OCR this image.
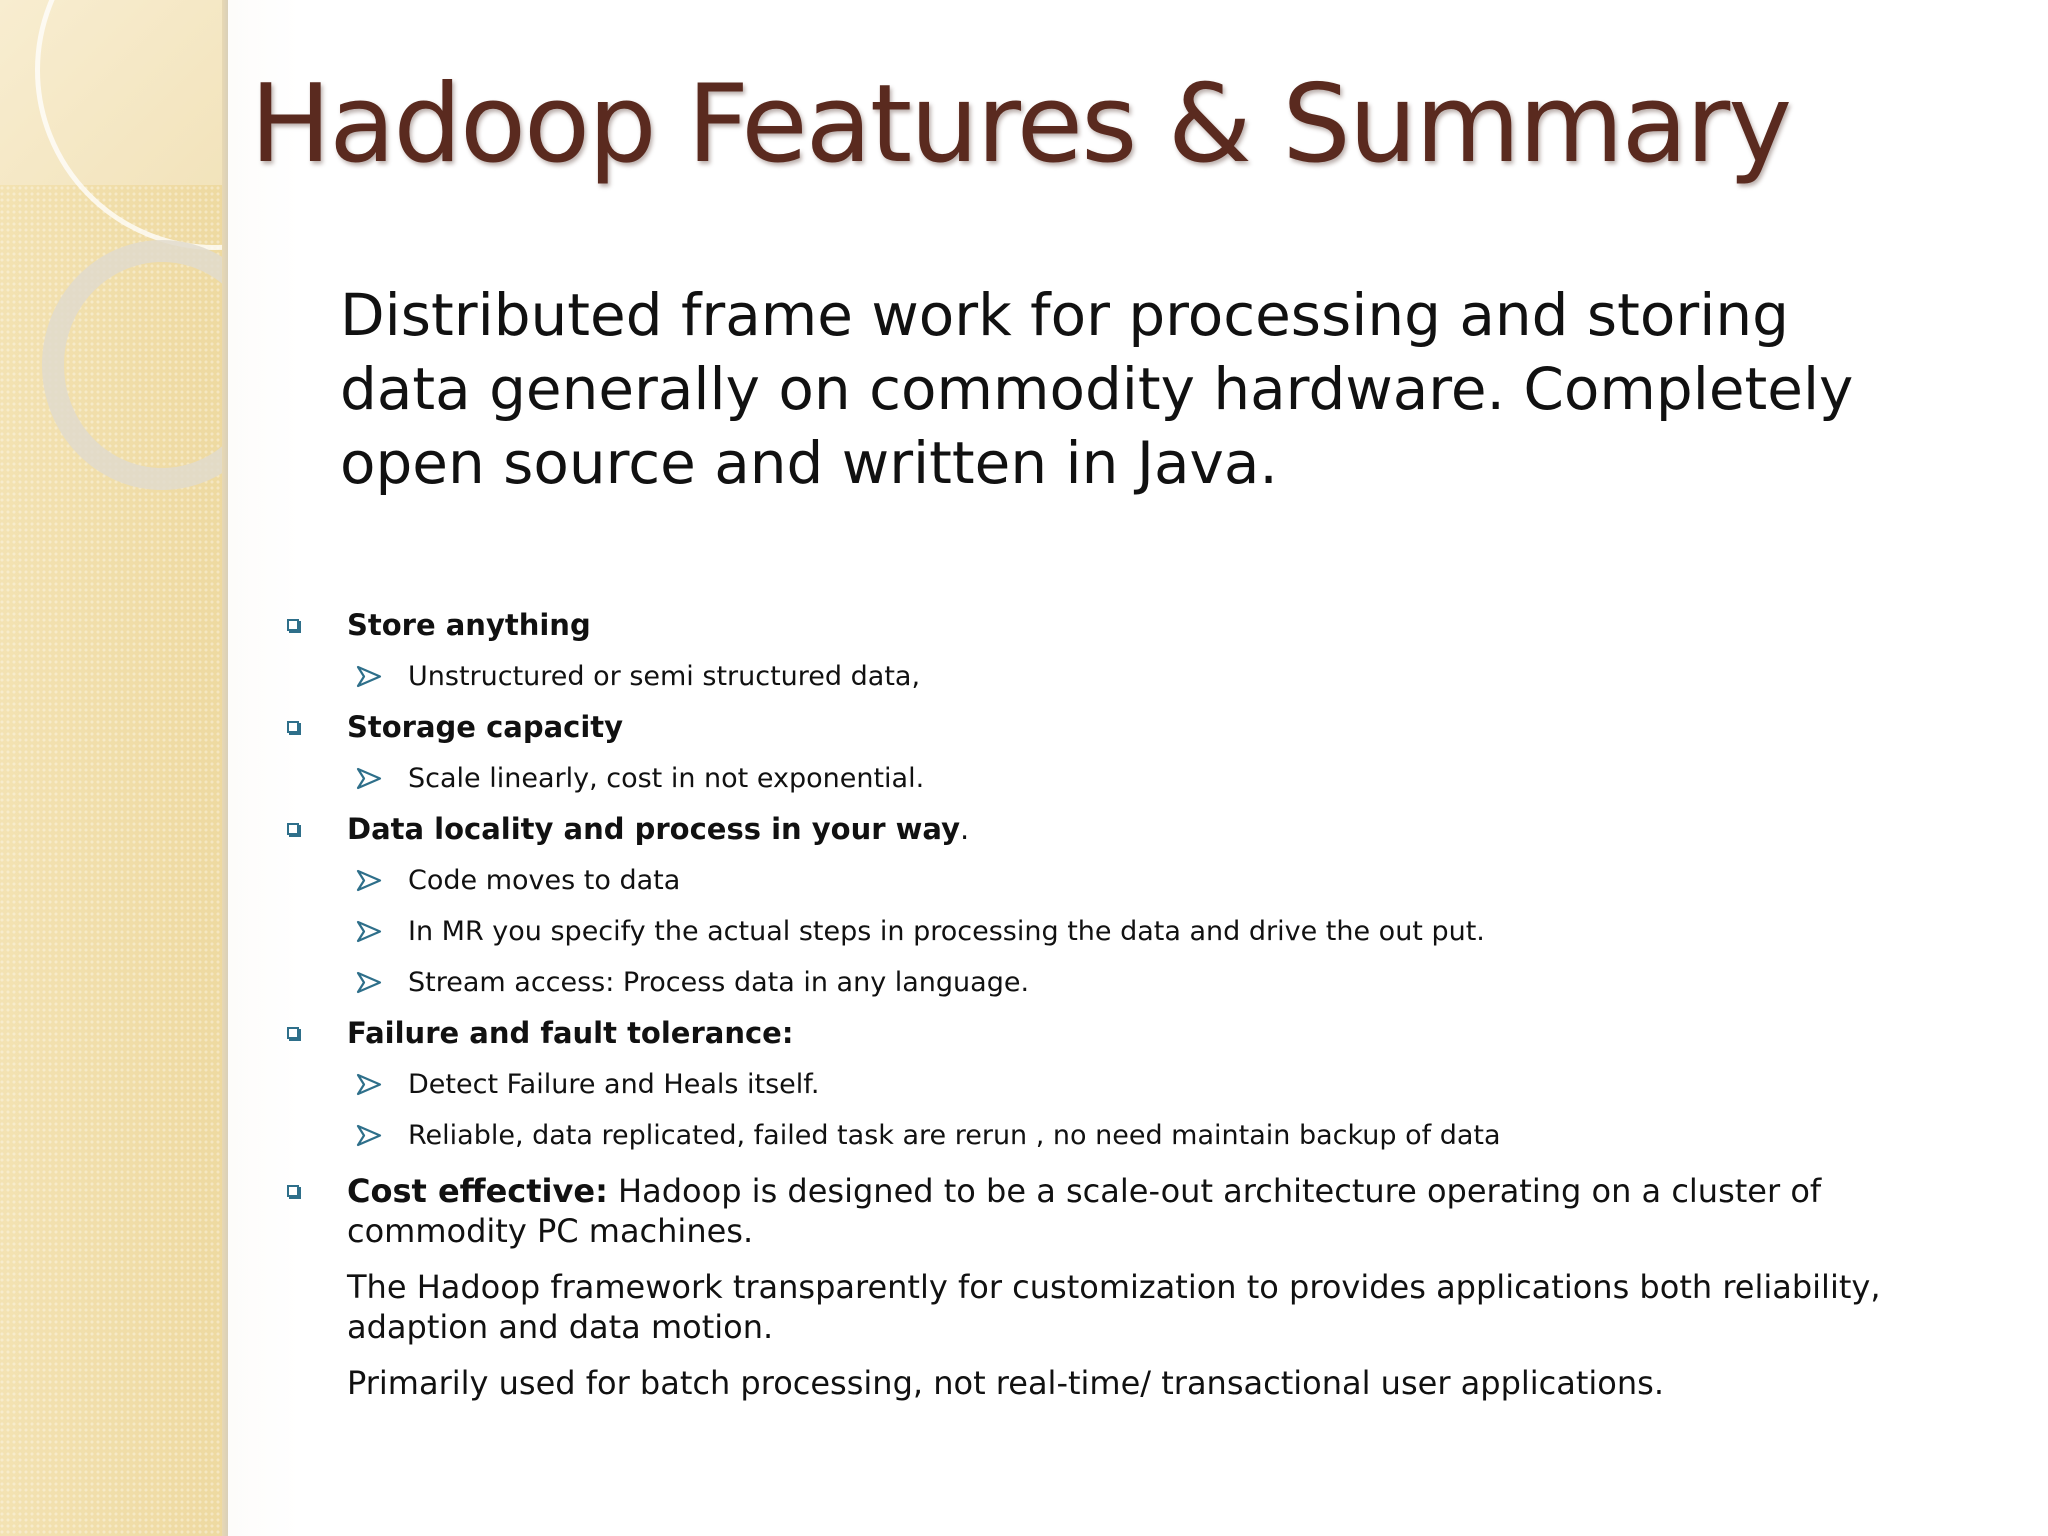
Hadoop Features & Summary

Distributed frame work for processing and storing data generally on commodity hardware. Completely open source and written in Java.

Store anything
Unstructured or semi structured data,
Storage capacity
Scale linearly, cost in not exponential.
Data locality and process in your way.
Code moves to data
In MR you specify the actual steps in processing the data and drive the out put.
Stream access: Process data in any language.
Failure and fault tolerance:
Detect Failure and Heals itself.
Reliable, data replicated, failed task are rerun , no need maintain backup of data
Cost effective: Hadoop is designed to be a scale-out architecture operating on a cluster of commodity PC machines.
The Hadoop framework transparently for customization to provides applications both reliability, adaption and data motion.
Primarily used for batch processing, not real-time/ transactional user applications.
